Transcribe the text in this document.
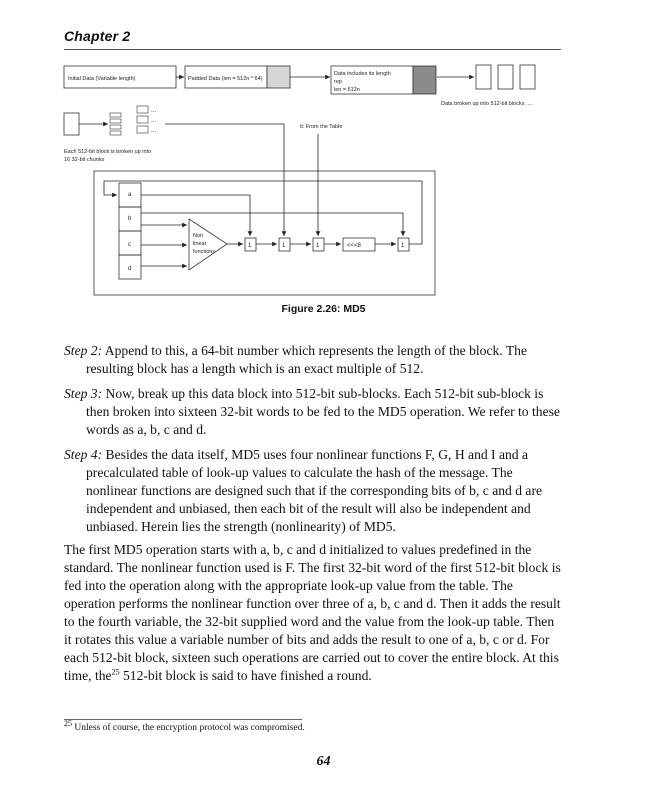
Chapter 2
Initial Data (Variable length)	Padded Data (len = 512n * 64)
Data includes its length
rep
len = 512n
Data broken up into 512-bit blocks ....
...
...
...
Each 512-bit block is broken up into
16 32-bit chunks
ti: From the Table
a
b
c
d
Non
linear
functions
1	1	1	<<<8	1
Figure 2.26: MD5

Step 2: Append to this, a 64-bit number which represents the length of the block. The resulting block has a length which is an exact multiple of 512.

Step 3: Now, break up this data block into 512-bit sub-blocks. Each 512-bit sub-block is then broken into sixteen 32-bit words to be fed to the MD5 operation. We refer to these words as a, b, c and d.

Step 4: Besides the data itself, MD5 uses four nonlinear functions F, G, H and I and a precalculated table of look-up values to calculate the hash of the message. The nonlinear functions are designed such that if the corresponding bits of b, c and d are independent and unbiased, then each bit of the result will also be independent and unbiased. Herein lies the strength (nonlinearity) of MD5.

The first MD5 operation starts with a, b, c and d initialized to values predefined in the standard. The nonlinear function used is F. The first 32-bit word of the first 512-bit block is fed into the operation along with the appropriate look-up value from the table. The operation performs the nonlinear function over three of a, b, c and d. Then it adds the result to the fourth variable, the 32-bit supplied word and the value from the look-up table. Then it rotates this value a variable number of bits and adds the result to one of a, b, c or d. For each 512-bit block, sixteen such operations are carried out to cover the entire block. At this time, the$^{25}$ 512-bit block is said to have finished a round.

$^{25}$ Unless of course, the encryption protocol was compromised.
64
